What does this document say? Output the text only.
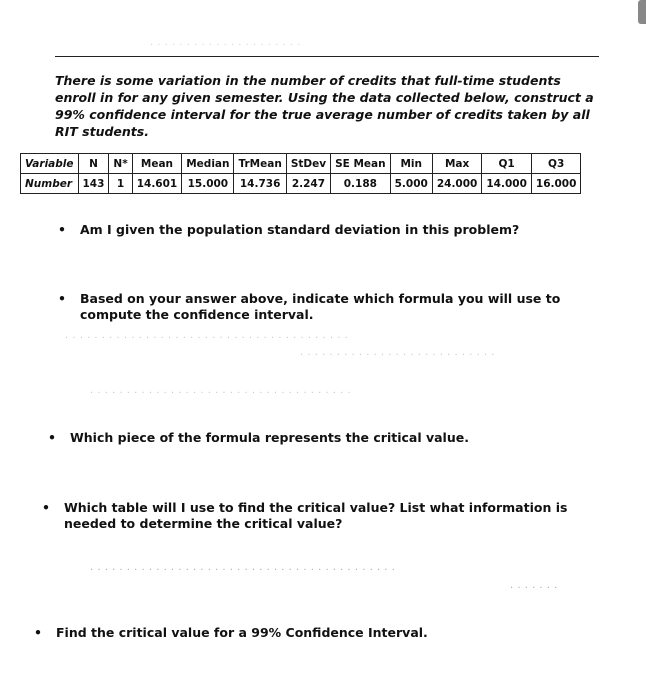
· · · · · · · · · · · · · · · · · · · · ·
There is some variation in the number of credits that full-time students enroll in for any given semester. Using the data collected below, construct a 99% confidence interval for the true average number of credits taken by all RIT students.
Variable	N	N*	Mean	Median	TrMean	StDev	SE Mean	Min	Max	Q1	Q3
Number	143	1	14.601	15.000	14.736	2.247	0.188	5.000	24.000	14.000	16.000
• Am I given the population standard deviation in this problem?
• Based on your answer above, indicate which formula you will use to compute the confidence interval.
· · · · · · · · · · · · · · · · · · · · · · · · · · · · · · · · · · · · · · ·
· · · · · · · · · · · · · · · · · · · · · · · · · · ·
· · · · · · · · · · · · · · · · · · · · · · · · · · · · · · · · · · · ·
• Which piece of the formula represents the critical value.
• Which table will I use to find the critical value? List what information is needed to determine the critical value?
· · · · · · · · · · · · · · · · · · · · · · · · · · · · · · · · · · · · · · · · · ·
· · · · · · ·
• Find the critical value for a 99% Confidence Interval.
